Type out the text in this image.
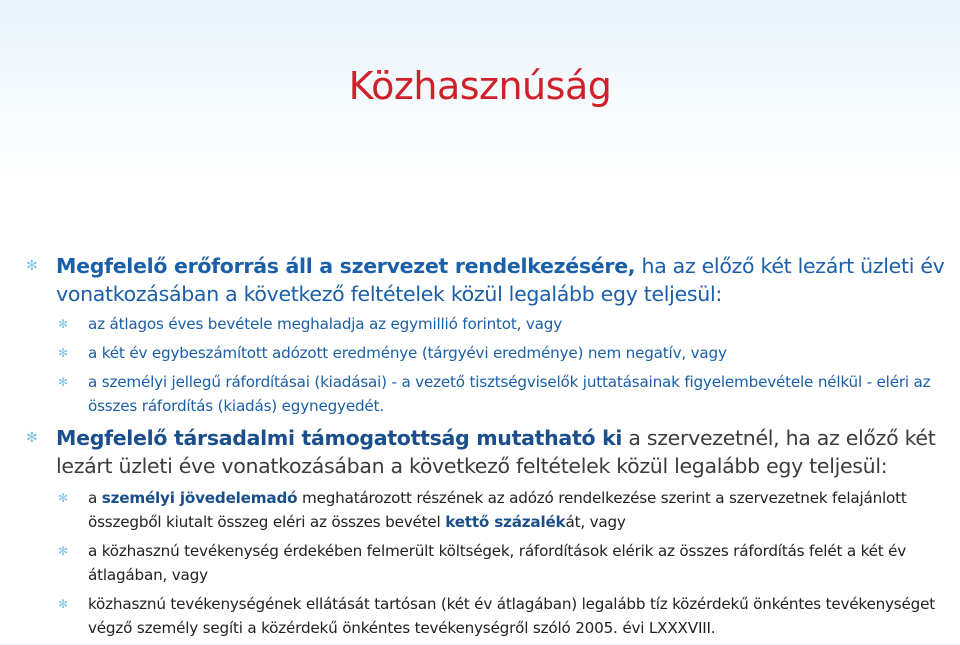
Közhasznúság
✻ Megfelelő erőforrás áll a szervezet rendelkezésére, ha az előző két lezárt üzleti év vonatkozásában a következő feltételek közül legalább egy teljesül:
✻ az átlagos éves bevétele meghaladja az egymillió forintot, vagy
✻ a két év egybeszámított adózott eredménye (tárgyévi eredménye) nem negatív, vagy
✻ a személyi jellegű ráfordításai (kiadásai) - a vezető tisztségviselők juttatásainak figyelembevétele nélkül - eléri az összes ráfordítás (kiadás) egynegyedét.
✻ Megfelelő társadalmi támogatottság mutatható ki a szervezetnél, ha az előző két lezárt üzleti éve vonatkozásában a következő feltételek közül legalább egy teljesül:
✻ a személyi jövedelemadó meghatározott részének az adózó rendelkezése szerint a szervezetnek felajánlott összegből kiutalt összeg eléri az összes bevétel kettő százalékát, vagy
✻ a közhasznú tevékenység érdekében felmerült költségek, ráfordítások elérik az összes ráfordítás felét a két év átlagában, vagy
✻ közhasznú tevékenységének ellátását tartósan (két év átlagában) legalább tíz közérdekű önkéntes tevékenységet végző személy segíti a közérdekű önkéntes tevékenységről szóló 2005. évi LXXXVIII.
